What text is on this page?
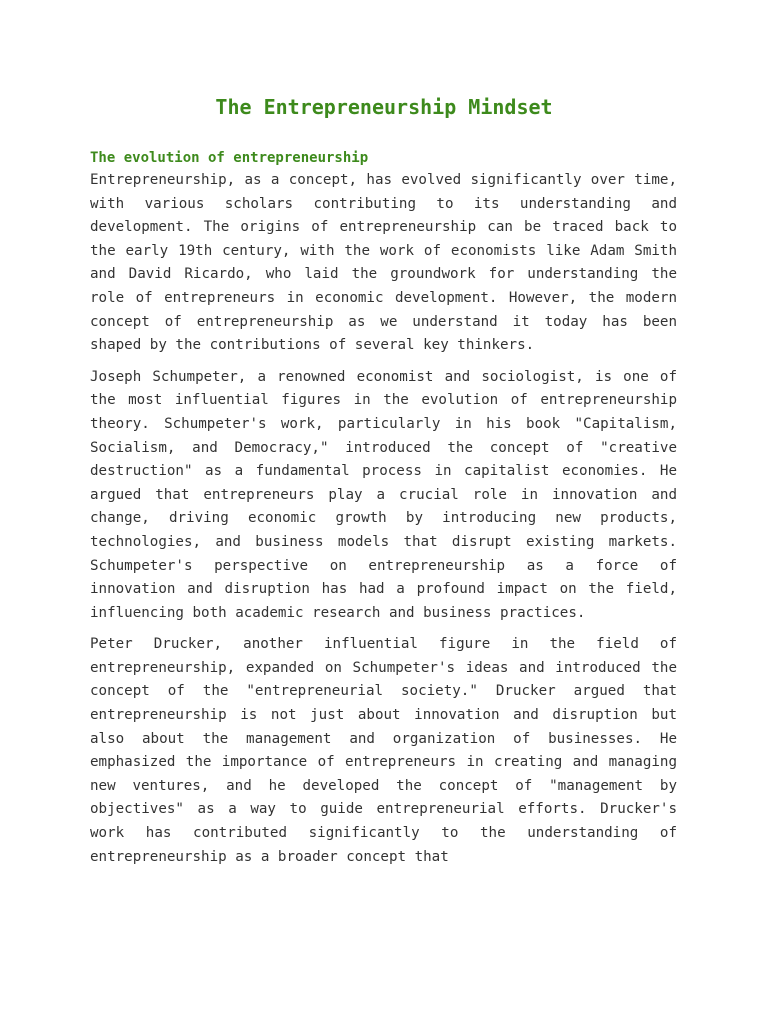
The Entrepreneurship Mindset
The evolution of entrepreneurship

Entrepreneurship, as a concept, has evolved significantly over time, with various scholars contributing to its understanding and development. The origins of entrepreneurship can be traced back to the early 19th century, with the work of economists like Adam Smith and David Ricardo, who laid the groundwork for understanding the role of entrepreneurs in economic development. However, the modern concept of entrepreneurship as we understand it today has been shaped by the contributions of several key thinkers.

Joseph Schumpeter, a renowned economist and sociologist, is one of the most influential figures in the evolution of entrepreneurship theory. Schumpeter's work, particularly in his book "Capitalism, Socialism, and Democracy," introduced the concept of "creative destruction" as a fundamental process in capitalist economies. He argued that entrepreneurs play a crucial role in innovation and change, driving economic growth by introducing new products, technologies, and business models that disrupt existing markets. Schumpeter's perspective on entrepreneurship as a force of innovation and disruption has had a profound impact on the field, influencing both academic research and business practices.

Peter Drucker, another influential figure in the field of entrepreneurship, expanded on Schumpeter's ideas and introduced the concept of the "entrepreneurial society." Drucker argued that entrepreneurship is not just about innovation and disruption but also about the management and organization of businesses. He emphasized the importance of entrepreneurs in creating and managing new ventures, and he developed the concept of "management by objectives" as a way to guide entrepreneurial efforts. Drucker's work has contributed significantly to the understanding of entrepreneurship as a broader concept that
